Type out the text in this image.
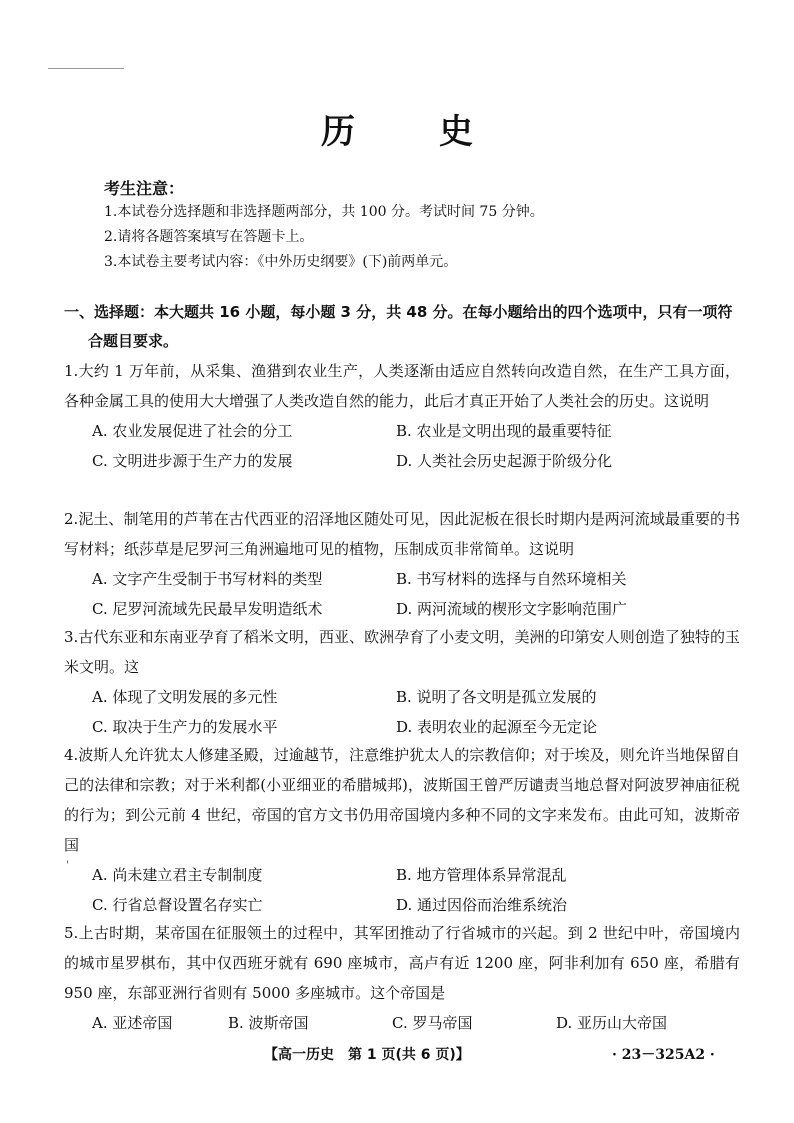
历 史
考生注意：
1.本试卷分选择题和非选择题两部分，共 100 分。考试时间 75 分钟。
2.请将各题答案填写在答题卡上。
3.本试卷主要考试内容：《中外历史纲要》(下)前两单元。
一、选择题：本大题共 16 小题，每小题 3 分，共 48 分。在每小题给出的四个选项中，只有一项符
合题目要求。
1.大约 1 万年前，从采集、渔猎到农业生产，人类逐渐由适应自然转向改造自然，在生产工具方面，各种金属工具的使用大大增强了人类改造自然的能力，此后才真正开始了人类社会的历史。这说明
A. 农业发展促进了社会的分工	B. 农业是文明出现的最重要特征
C. 文明进步源于生产力的发展	D. 人类社会历史起源于阶级分化
2.泥土、制笔用的芦苇在古代西亚的沼泽地区随处可见，因此泥板在很长时期内是两河流域最重要的书写材料；纸莎草是尼罗河三角洲遍地可见的植物，压制成页非常简单。这说明
A. 文字产生受制于书写材料的类型	B. 书写材料的选择与自然环境相关
C. 尼罗河流域先民最早发明造纸术	D. 两河流域的楔形文字影响范围广
3.古代东亚和东南亚孕育了稻米文明，西亚、欧洲孕育了小麦文明，美洲的印第安人则创造了独特的玉米文明。这
A. 体现了文明发展的多元性	B. 说明了各文明是孤立发展的
C. 取决于生产力的发展水平	D. 表明农业的起源至今无定论
4.波斯人允许犹太人修建圣殿，过逾越节，注意维护犹太人的宗教信仰；对于埃及，则允许当地保留自己的法律和宗教；对于米利都(小亚细亚的希腊城邦)，波斯国王曾严厉谴责当地总督对阿波罗神庙征税的行为；到公元前 4 世纪，帝国的官方文书仍用帝国境内多种不同的文字来发布。由此可知，波斯帝国
A. 尚未建立君主专制制度	B. 地方管理体系异常混乱
C. 行省总督设置名存实亡	D. 通过因俗而治维系统治
'
5.上古时期，某帝国在征服领土的过程中，其军团推动了行省城市的兴起。到 2 世纪中叶，帝国境内的城市星罗棋布，其中仅西班牙就有 690 座城市，高卢有近 1200 座，阿非利加有 650 座，希腊有 950 座，东部亚洲行省则有 5000 多座城市。这个帝国是
A. 亚述帝国	B. 波斯帝国	C. 罗马帝国	D. 亚历山大帝国
【高一历史　第 1 页(共 6 页)】	· 23－325A2 ·
